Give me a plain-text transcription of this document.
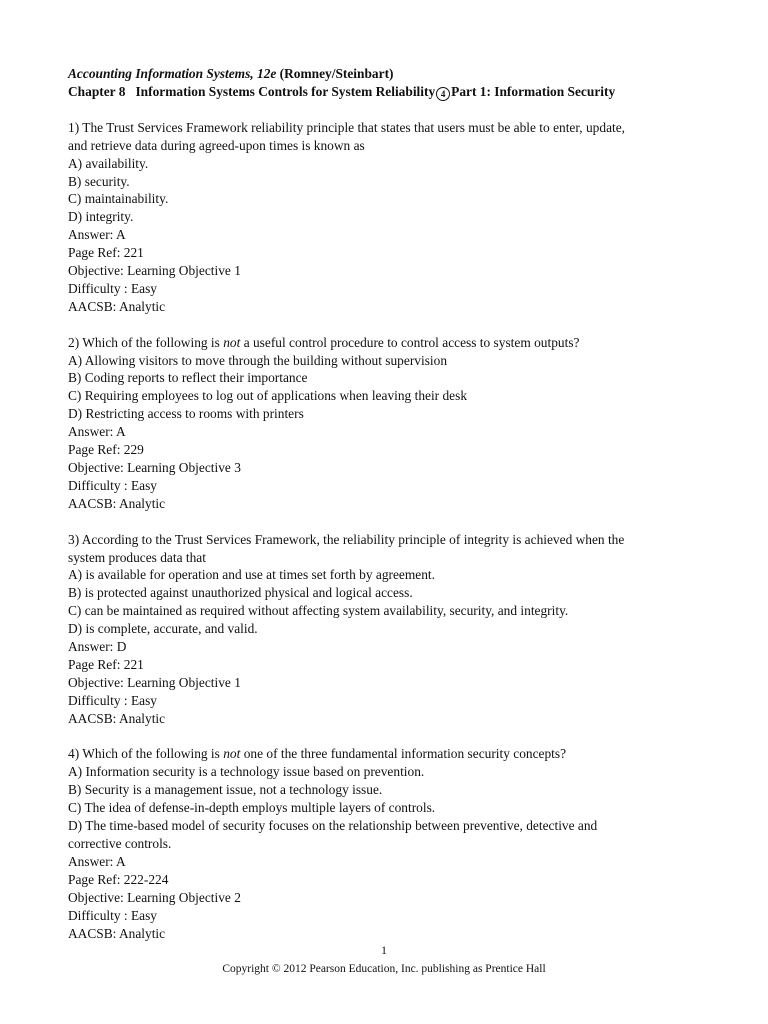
Accounting Information Systems, 12e (Romney/Steinbart)
Chapter 8 Information Systems Controls for System Reliability 4 Part 1: Information Security
1) The Trust Services Framework reliability principle that states that users must be able to enter, update,
and retrieve data during agreed-upon times is known as
A) availability.
B) security.
C) maintainability.
D) integrity.
Answer: A
Page Ref: 221
Objective: Learning Objective 1
Difficulty : Easy
AACSB: Analytic
2) Which of the following is not a useful control procedure to control access to system outputs?
A) Allowing visitors to move through the building without supervision
B) Coding reports to reflect their importance
C) Requiring employees to log out of applications when leaving their desk
D) Restricting access to rooms with printers
Answer: A
Page Ref: 229
Objective: Learning Objective 3
Difficulty : Easy
AACSB: Analytic
3) According to the Trust Services Framework, the reliability principle of integrity is achieved when the
system produces data that
A) is available for operation and use at times set forth by agreement.
B) is protected against unauthorized physical and logical access.
C) can be maintained as required without affecting system availability, security, and integrity.
D) is complete, accurate, and valid.
Answer: D
Page Ref: 221
Objective: Learning Objective 1
Difficulty : Easy
AACSB: Analytic
4) Which of the following is not one of the three fundamental information security concepts?
A) Information security is a technology issue based on prevention.
B) Security is a management issue, not a technology issue.
C) The idea of defense-in-depth employs multiple layers of controls.
D) The time-based model of security focuses on the relationship between preventive, detective and
corrective controls.
Answer: A
Page Ref: 222-224
Objective: Learning Objective 2
Difficulty : Easy
AACSB: Analytic
1
Copyright © 2012 Pearson Education, Inc. publishing as Prentice Hall
